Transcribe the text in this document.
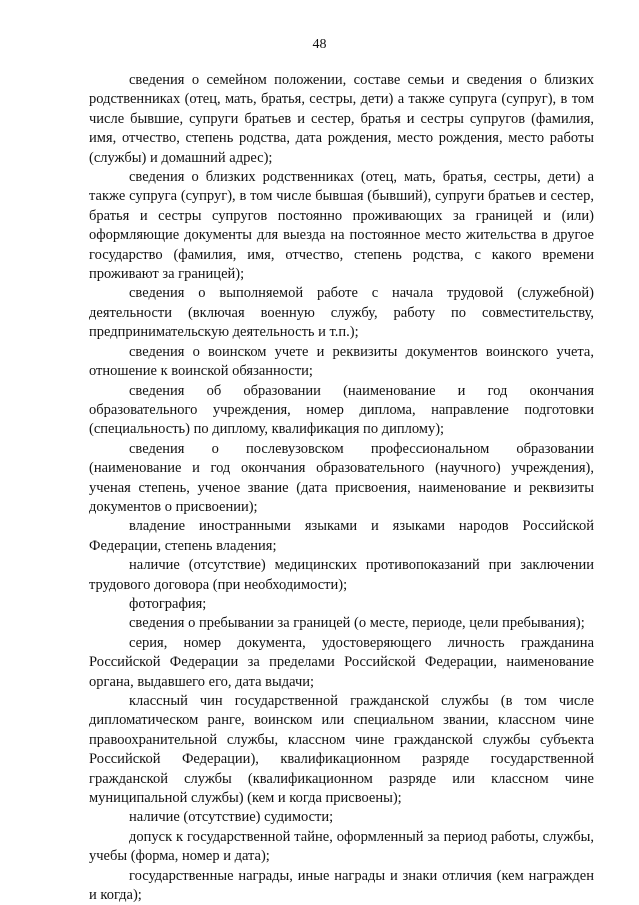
48

сведения о семейном положении, составе семьи и сведения о близких родственниках (отец, мать, братья, сестры, дети) а также супруга (супруг), в том числе бывшие, супруги братьев и сестер, братья и сестры супругов (фамилия, имя, отчество, степень родства, дата рождения, место рождения, место работы (службы) и домашний адрес);

сведения о близких родственниках (отец, мать, братья, сестры, дети) а также супруга (супруг), в том числе бывшая (бывший), супруги братьев и сестер, братья и сестры супругов постоянно проживающих за границей и (или) оформляющие документы для выезда на постоянное место жительства в другое государство (фамилия, имя, отчество, степень родства, с какого времени проживают за границей);

сведения о выполняемой работе с начала трудовой (служебной) деятельности (включая военную службу, работу по совместительству, предпринимательскую деятельность и т.п.);

сведения о воинском учете и реквизиты документов воинского учета, отношение к воинской обязанности;

сведения об образовании (наименование и год окончания образовательного учреждения, номер диплома, направление подготовки (специальность) по диплому, квалификация по диплому);

сведения о послевузовском профессиональном образовании (наименование и год окончания образовательного (научного) учреждения), ученая степень, ученое звание (дата присвоения, наименование и реквизиты документов о присвоении);

владение иностранными языками и языками народов Российской Федерации, степень владения;

наличие (отсутствие) медицинских противопоказаний при заключении трудового договора (при необходимости);

фотография;

сведения о пребывании за границей (о месте, периоде, цели пребывания);

серия, номер документа, удостоверяющего личность гражданина Российской Федерации за пределами Российской Федерации, наименование органа, выдавшего его, дата выдачи;

классный чин государственной гражданской службы (в том числе дипломатическом ранге, воинском или специальном звании, классном чине правоохранительной службы, классном чине гражданской службы субъекта Российской Федерации), квалификационном разряде государственной гражданской службы (квалификационном разряде или классном чине муниципальной службы) (кем и когда присвоены);

наличие (отсутствие) судимости;

допуск к государственной тайне, оформленный за период работы, службы, учебы (форма, номер и дата);

государственные награды, иные награды и знаки отличия (кем награжден и когда);
